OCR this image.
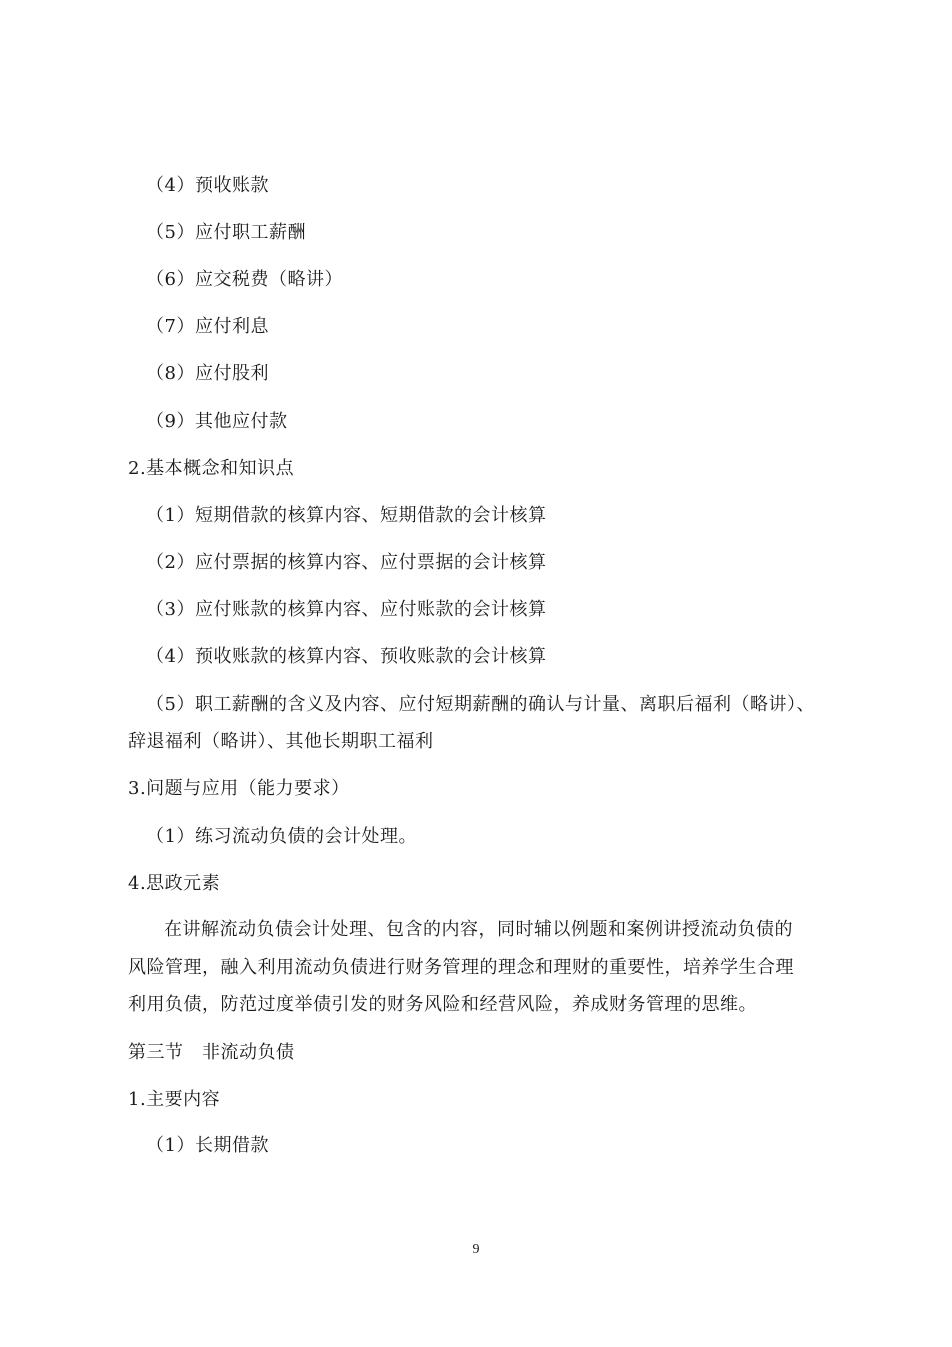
（4）预收账款
（5）应付职工薪酬
（6）应交税费（略讲）
（7）应付利息
（8）应付股利
（9）其他应付款
2.基本概念和知识点
（1）短期借款的核算内容、短期借款的会计核算
（2）应付票据的核算内容、应付票据的会计核算
（3）应付账款的核算内容、应付账款的会计核算
（4）预收账款的核算内容、预收账款的会计核算
（5）职工薪酬的含义及内容、应付短期薪酬的确认与计量、离职后福利（略讲）、
辞退福利（略讲）、其他长期职工福利
3.问题与应用（能力要求）
（1）练习流动负债的会计处理。
4.思政元素
在讲解流动负债会计处理、包含的内容，同时辅以例题和案例讲授流动负债的
风险管理，融入利用流动负债进行财务管理的理念和理财的重要性，培养学生合理
利用负债，防范过度举债引发的财务风险和经营风险，养成财务管理的思维。
第三节　非流动负债
1.主要内容
（1）长期借款
9
